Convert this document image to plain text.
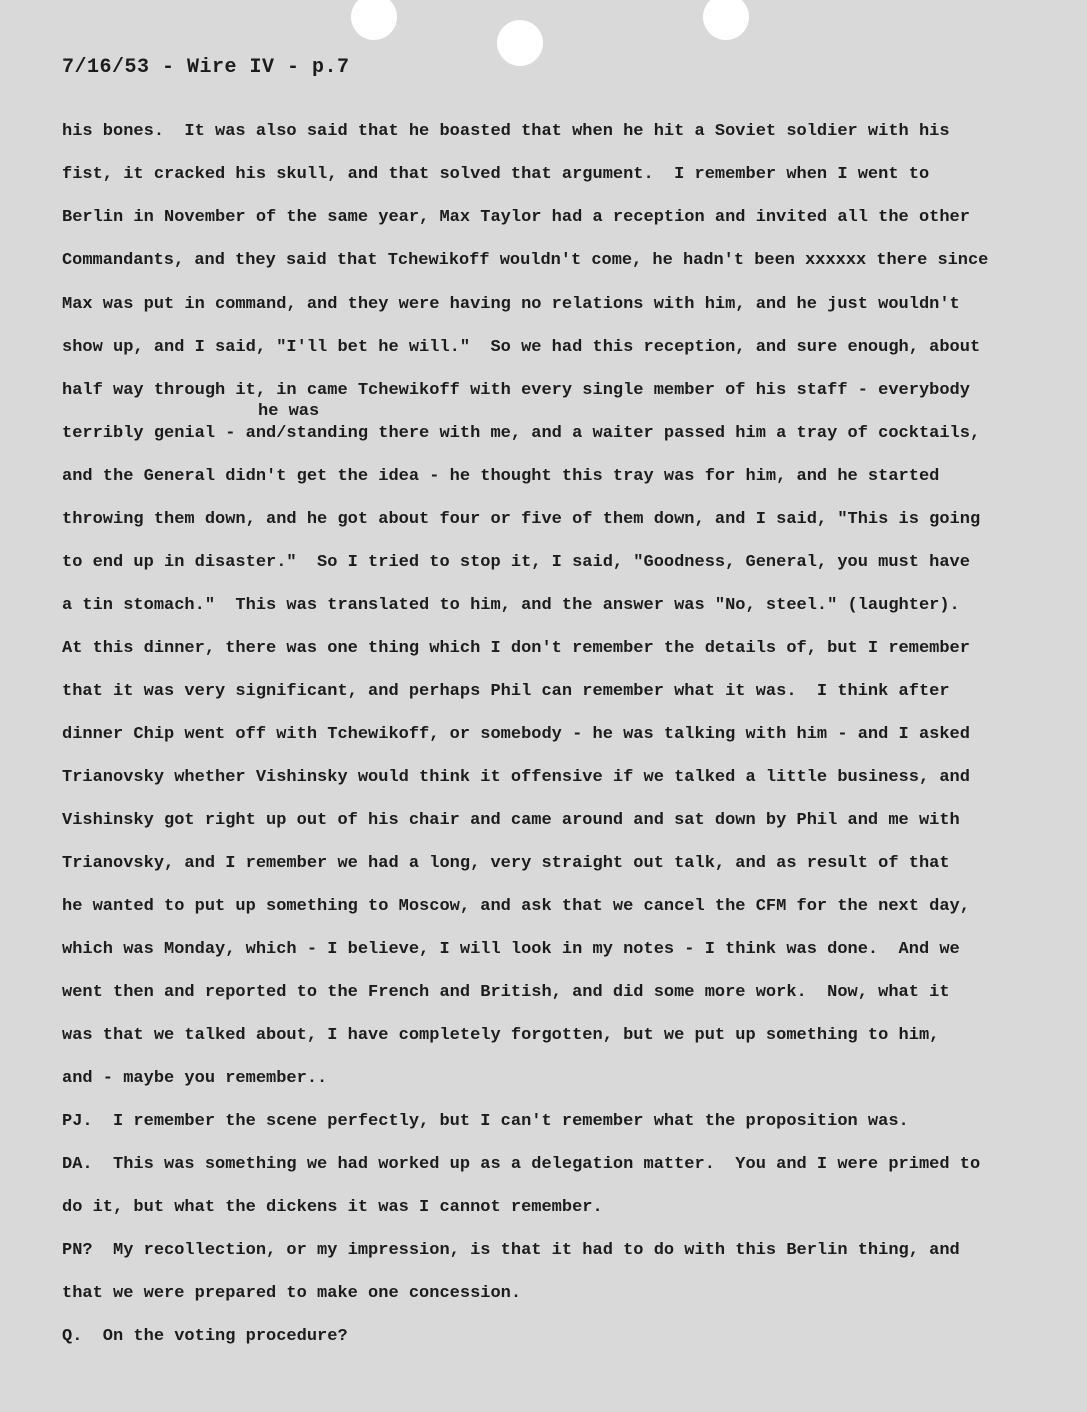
7/16/53 - Wire IV - p.7
he was
his bones.  It was also said that he boasted that when he hit a Soviet soldier with his
fist, it cracked his skull, and that solved that argument.  I remember when I went to
Berlin in November of the same year, Max Taylor had a reception and invited all the other
Commandants, and they said that Tchewikoff wouldn't come, he hadn't been xxxxxx there since
Max was put in command, and they were having no relations with him, and he just wouldn't
show up, and I said, "I'll bet he will."  So we had this reception, and sure enough, about
half way through it, in came Tchewikoff with every single member of his staff - everybody
terribly genial - and/standing there with me, and a waiter passed him a tray of cocktails,
and the General didn't get the idea - he thought this tray was for him, and he started
throwing them down, and he got about four or five of them down, and I said, "This is going
to end up in disaster."  So I tried to stop it, I said, "Goodness, General, you must have
a tin stomach."  This was translated to him, and the answer was "No, steel." (laughter).
At this dinner, there was one thing which I don't remember the details of, but I remember
that it was very significant, and perhaps Phil can remember what it was.  I think after
dinner Chip went off with Tchewikoff, or somebody - he was talking with him - and I asked
Trianovsky whether Vishinsky would think it offensive if we talked a little business, and
Vishinsky got right up out of his chair and came around and sat down by Phil and me with
Trianovsky, and I remember we had a long, very straight out talk, and as result of that
he wanted to put up something to Moscow, and ask that we cancel the CFM for the next day,
which was Monday, which - I believe, I will look in my notes - I think was done.  And we
went then and reported to the French and British, and did some more work.  Now, what it
was that we talked about, I have completely forgotten, but we put up something to him,
and - maybe you remember..
PJ.  I remember the scene perfectly, but I can't remember what the proposition was.
DA.  This was something we had worked up as a delegation matter.  You and I were primed to
do it, but what the dickens it was I cannot remember.
PN?  My recollection, or my impression, is that it had to do with this Berlin thing, and
that we were prepared to make one concession.
Q.  On the voting procedure?
